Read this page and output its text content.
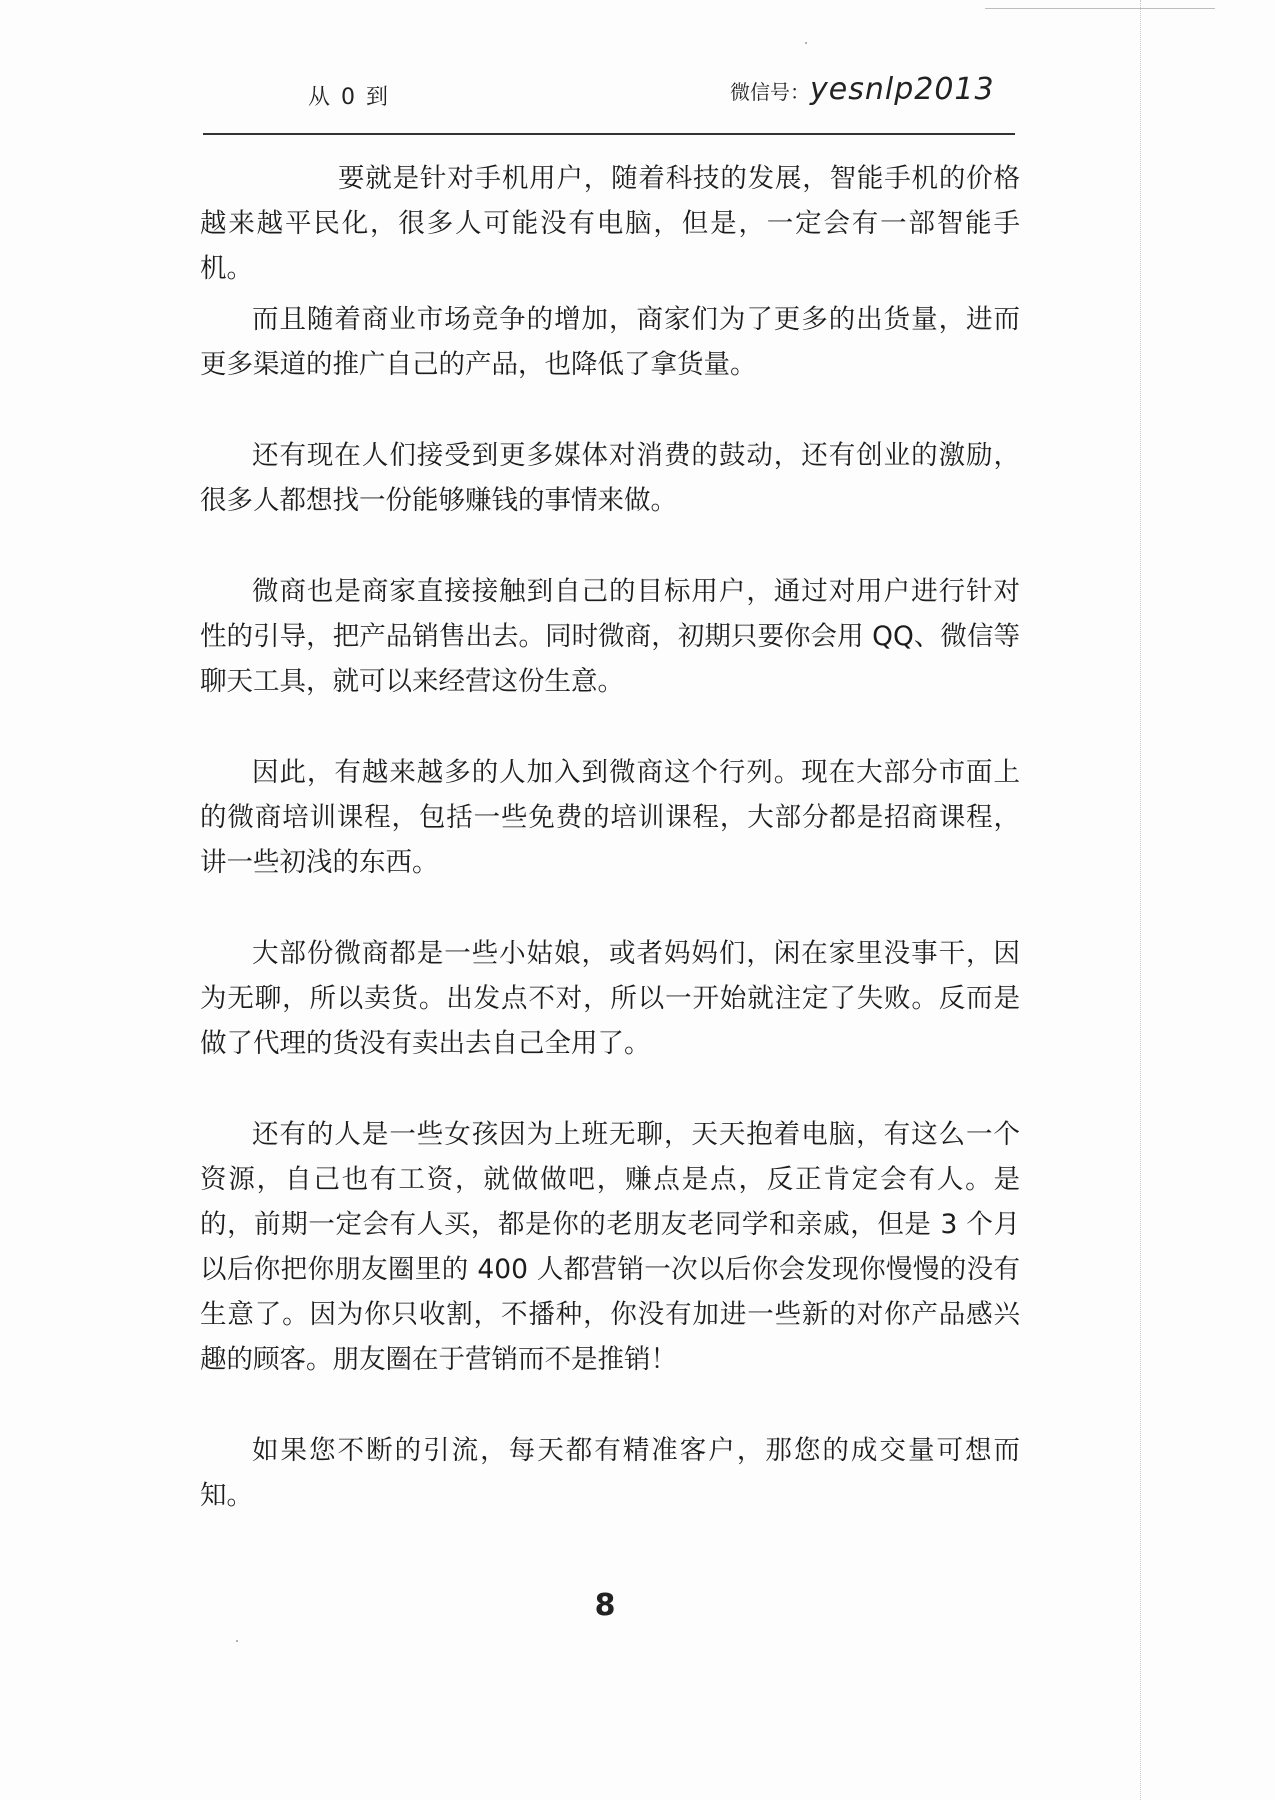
从 0 到	微信号：yesnlp2013

要就是针对手机用户，随着科技的发展，智能手机的价格越来越平民化，很多人可能没有电脑，但是，一定会有一部智能手机。

而且随着商业市场竞争的增加，商家们为了更多的出货量，进而更多渠道的推广自己的产品，也降低了拿货量。

还有现在人们接受到更多媒体对消费的鼓动，还有创业的激励，很多人都想找一份能够赚钱的事情来做。

微商也是商家直接接触到自己的目标用户，通过对用户进行针对性的引导，把产品销售出去。同时微商，初期只要你会用 QQ、微信等聊天工具，就可以来经营这份生意。

因此，有越来越多的人加入到微商这个行列。现在大部分市面上的微商培训课程，包括一些免费的培训课程，大部分都是招商课程，讲一些初浅的东西。

大部份微商都是一些小姑娘，或者妈妈们，闲在家里没事干，因为无聊，所以卖货。出发点不对，所以一开始就注定了失败。反而是做了代理的货没有卖出去自己全用了。

还有的人是一些女孩因为上班无聊，天天抱着电脑，有这么一个资源，自己也有工资，就做做吧，赚点是点，反正肯定会有人。是的，前期一定会有人买，都是你的老朋友老同学和亲戚，但是 3 个月以后你把你朋友圈里的 400 人都营销一次以后你会发现你慢慢的没有生意了。因为你只收割，不播种，你没有加进一些新的对你产品感兴趣的顾客。朋友圈在于营销而不是推销！

如果您不断的引流，每天都有精准客户，那您的成交量可想而知。

8
